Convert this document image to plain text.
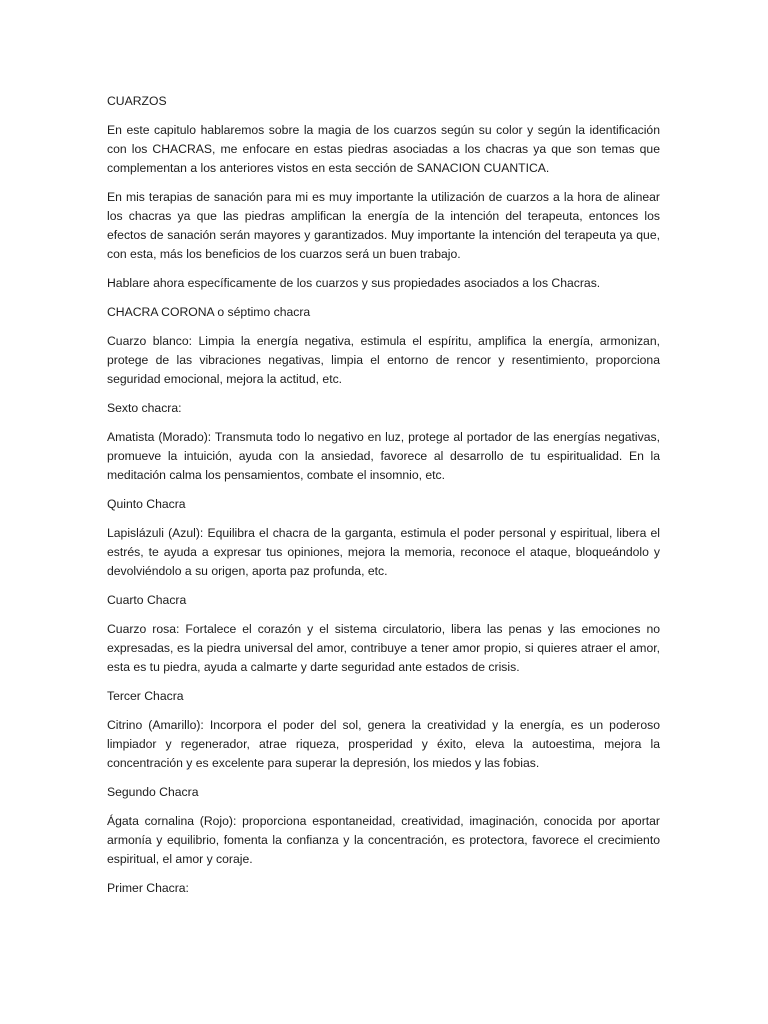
CUARZOS
En este capitulo hablaremos sobre la magia de los cuarzos según su color y según la identificación con los CHACRAS, me enfocare en estas piedras asociadas a los chacras ya que son temas que complementan a los anteriores vistos en esta sección de SANACION CUANTICA.
En mis terapias de sanación para mi es muy importante la utilización de cuarzos a la hora de alinear los chacras ya que las piedras amplifican la energía de la intención del terapeuta, entonces los efectos de sanación serán mayores y garantizados. Muy importante la intención del terapeuta ya que, con esta, más los beneficios de los cuarzos será un buen trabajo.
Hablare ahora específicamente de los cuarzos y sus propiedades asociados a los Chacras.
CHACRA CORONA o séptimo chacra
Cuarzo blanco: Limpia la energía negativa, estimula el espíritu, amplifica la energía, armonizan, protege de las vibraciones negativas, limpia el entorno de rencor y resentimiento, proporciona seguridad emocional, mejora la actitud, etc.
Sexto chacra:
Amatista (Morado): Transmuta todo lo negativo en luz, protege al portador de las energías negativas, promueve la intuición, ayuda con la ansiedad, favorece al desarrollo de tu espiritualidad. En la meditación calma los pensamientos, combate el insomnio, etc.
Quinto Chacra
Lapislázuli (Azul): Equilibra el chacra de la garganta, estimula el poder personal y espiritual, libera el estrés, te ayuda a expresar tus opiniones, mejora la memoria, reconoce el ataque, bloqueándolo y devolviéndolo a su origen, aporta paz profunda, etc.
Cuarto Chacra
Cuarzo rosa: Fortalece el corazón y el sistema circulatorio, libera las penas y las emociones no expresadas, es la piedra universal del amor, contribuye a tener amor propio, si quieres atraer el amor, esta es tu piedra, ayuda a calmarte y darte seguridad ante estados de crisis.
Tercer Chacra
Citrino (Amarillo): Incorpora el poder del sol, genera la creatividad y la energía, es un poderoso limpiador y regenerador, atrae riqueza, prosperidad y éxito, eleva la autoestima, mejora la concentración y es excelente para superar la depresión, los miedos y las fobias.
Segundo Chacra
Ágata cornalina (Rojo): proporciona espontaneidad, creatividad, imaginación, conocida por aportar armonía y equilibrio, fomenta la confianza y la concentración, es protectora, favorece el crecimiento espiritual, el amor y coraje.
Primer Chacra:
